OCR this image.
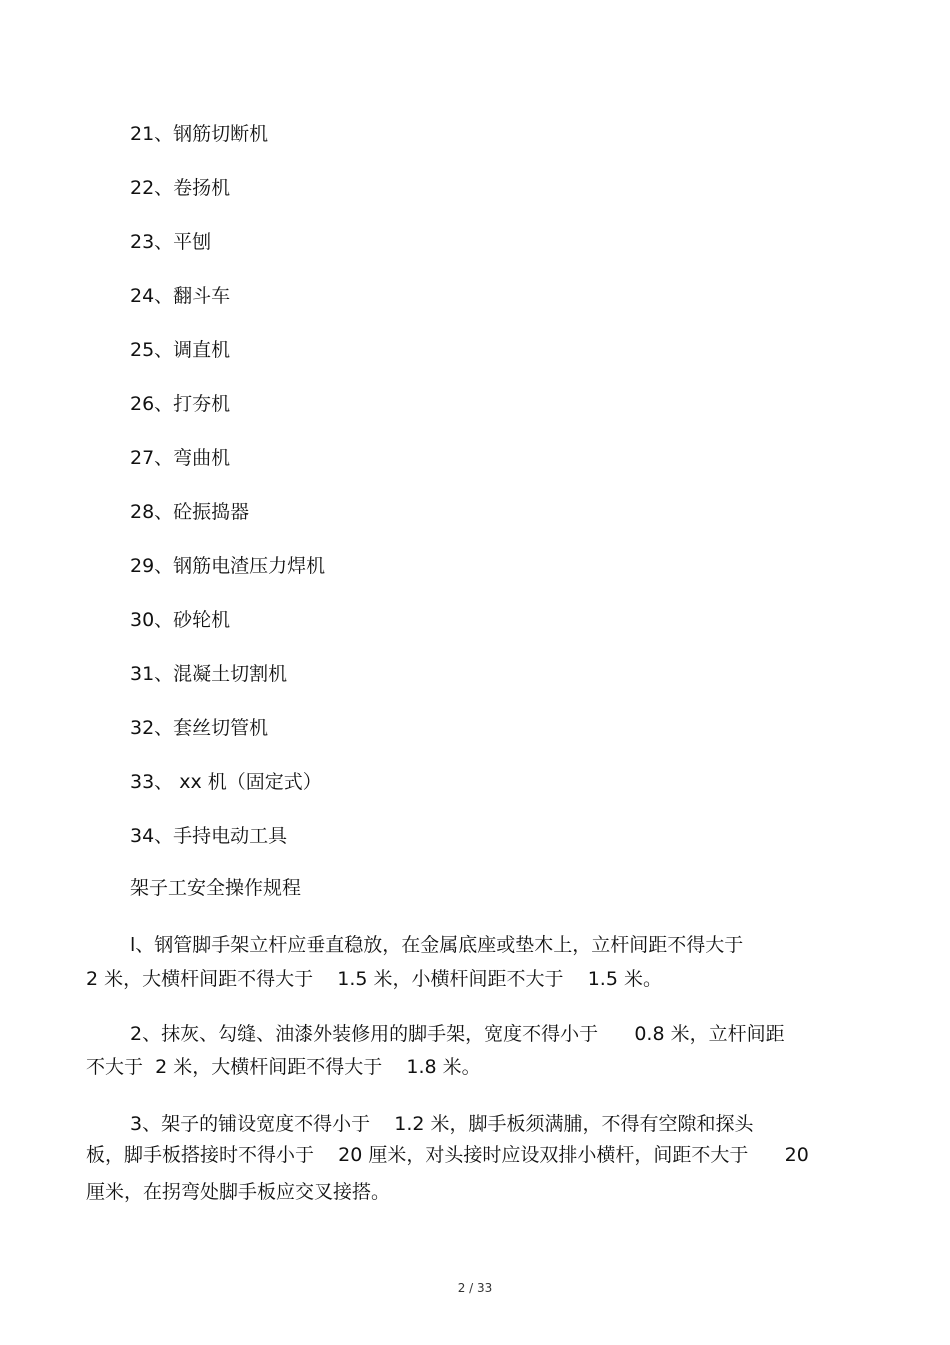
21、钢筋切断机
22、卷扬机
23、平刨
24、翻斗车
25、调直机
26、打夯机
27、弯曲机
28、砼振捣器
29、钢筋电渣压力焊机
30、砂轮机
31、混凝土切割机
32、套丝切管机
33、 xx 机（固定式）
34、手持电动工具
架子工安全操作规程
l、钢管脚手架立杆应垂直稳放，在金属底座或垫木上，立杆间距不得大于
2 米，大横杆间距不得大于    1.5 米，小横杆间距不大于    1.5 米。
2、抹灰、勾缝、油漆外装修用的脚手架，宽度不得小于      0.8 米，立杆间距
不大于  2 米，大横杆间距不得大于    1.8 米。
3、架子的铺设宽度不得小于    1.2 米，脚手板须满脯，不得有空隙和探头
板，脚手板搭接时不得小于    20 厘米，对头接时应设双排小横杆，间距不大于      20
厘米，在拐弯处脚手板应交叉接搭。
2 / 33
